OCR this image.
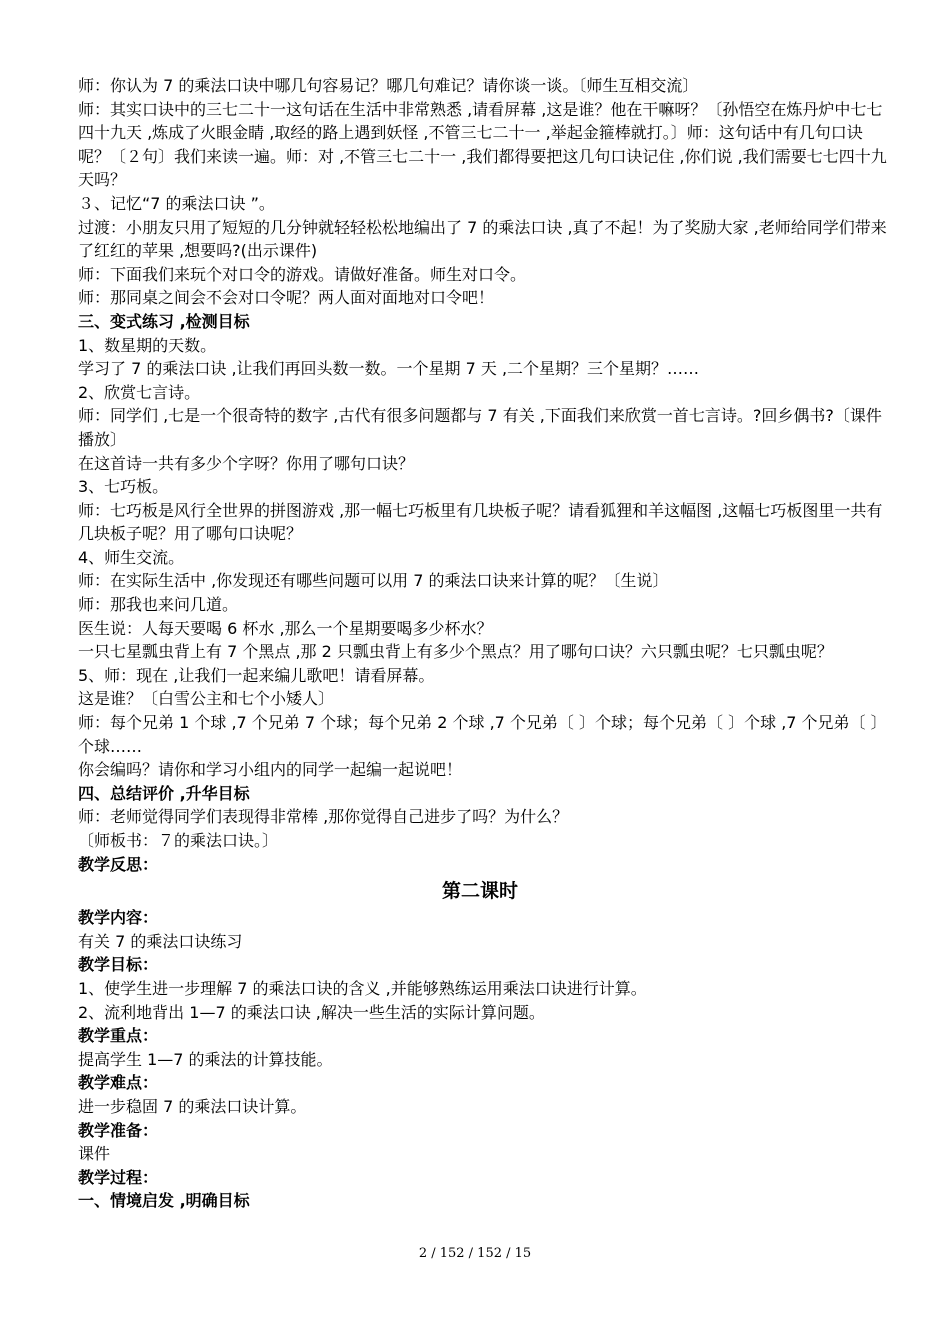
师：你认为 7 的乘法口诀中哪几句容易记？哪几句难记？请你谈一谈。〔师生互相交流〕

师：其实口诀中的三七二十一这句话在生活中非常熟悉 ,请看屏幕 ,这是谁？他在干嘛呀？〔孙悟空在炼丹炉中七七四十九天 ,炼成了火眼金睛 ,取经的路上遇到妖怪 ,不管三七二十一 ,举起金箍棒就打。〕师：这句话中有几句口诀呢？〔２句〕我们来读一遍。师：对 ,不管三七二十一 ,我们都得要把这几句口诀记住 ,你们说 ,我们需要七七四十九天吗？

３、记忆“7 的乘法口诀 ”。

过渡：小朋友只用了短短的几分钟就轻轻松松地编出了 7 的乘法口诀 ,真了不起！为了奖励大家 ,老师给同学们带来了红红的苹果 ,想要吗?(出示课件)

师：下面我们来玩个对口令的游戏。请做好准备。师生对口令。

师：那同桌之间会不会对口令呢？两人面对面地对口令吧！

三、变式练习 ,检测目标

1、数星期的天数。

学习了 7 的乘法口诀 ,让我们再回头数一数。一个星期 7 天 ,二个星期？三个星期？……

2、欣赏七言诗。

师：同学们 ,七是一个很奇特的数字 ,古代有很多问题都与 7 有关 ,下面我们来欣赏一首七言诗。?回乡偶书?〔课件播放〕

在这首诗一共有多少个字呀？你用了哪句口诀？

3、七巧板。

师：七巧板是风行全世界的拼图游戏 ,那一幅七巧板里有几块板子呢？请看狐狸和羊这幅图 ,这幅七巧板图里一共有几块板子呢？用了哪句口诀呢？

4、师生交流。

师：在实际生活中 ,你发现还有哪些问题可以用 7 的乘法口诀来计算的呢？〔生说〕

师：那我也来问几道。

医生说：人每天要喝 6 杯水 ,那么一个星期要喝多少杯水？

一只七星瓢虫背上有 7 个黑点 ,那 2 只瓢虫背上有多少个黑点？用了哪句口诀？六只瓢虫呢？七只瓢虫呢？

5、师：现在 ,让我们一起来编儿歌吧！请看屏幕。

这是谁？〔白雪公主和七个小矮人〕

师：每个兄弟 1 个球 ,7 个兄弟 7 个球；每个兄弟 2 个球 ,7 个兄弟〔 〕个球；每个兄弟〔 〕个球 ,7 个兄弟〔 〕个球……

你会编吗？请你和学习小组内的同学一起编一起说吧！

四、总结评价 ,升华目标

师：老师觉得同学们表现得非常棒 ,那你觉得自己进步了吗？为什么？

〔师板书：７的乘法口诀。〕

教学反思：

第二课时

教学内容：

有关 7 的乘法口诀练习

教学目标：

1、使学生进一步理解 7 的乘法口诀的含义 ,并能够熟练运用乘法口诀进行计算。

2、流利地背出 1—7 的乘法口诀 ,解决一些生活的实际计算问题。

教学重点：

提高学生 1—7 的乘法的计算技能。

教学难点：

进一步稳固 7 的乘法口诀计算。

教学准备：

课件

教学过程：

一、情境启发 ,明确目标

2 / 152 / 152 / 15
